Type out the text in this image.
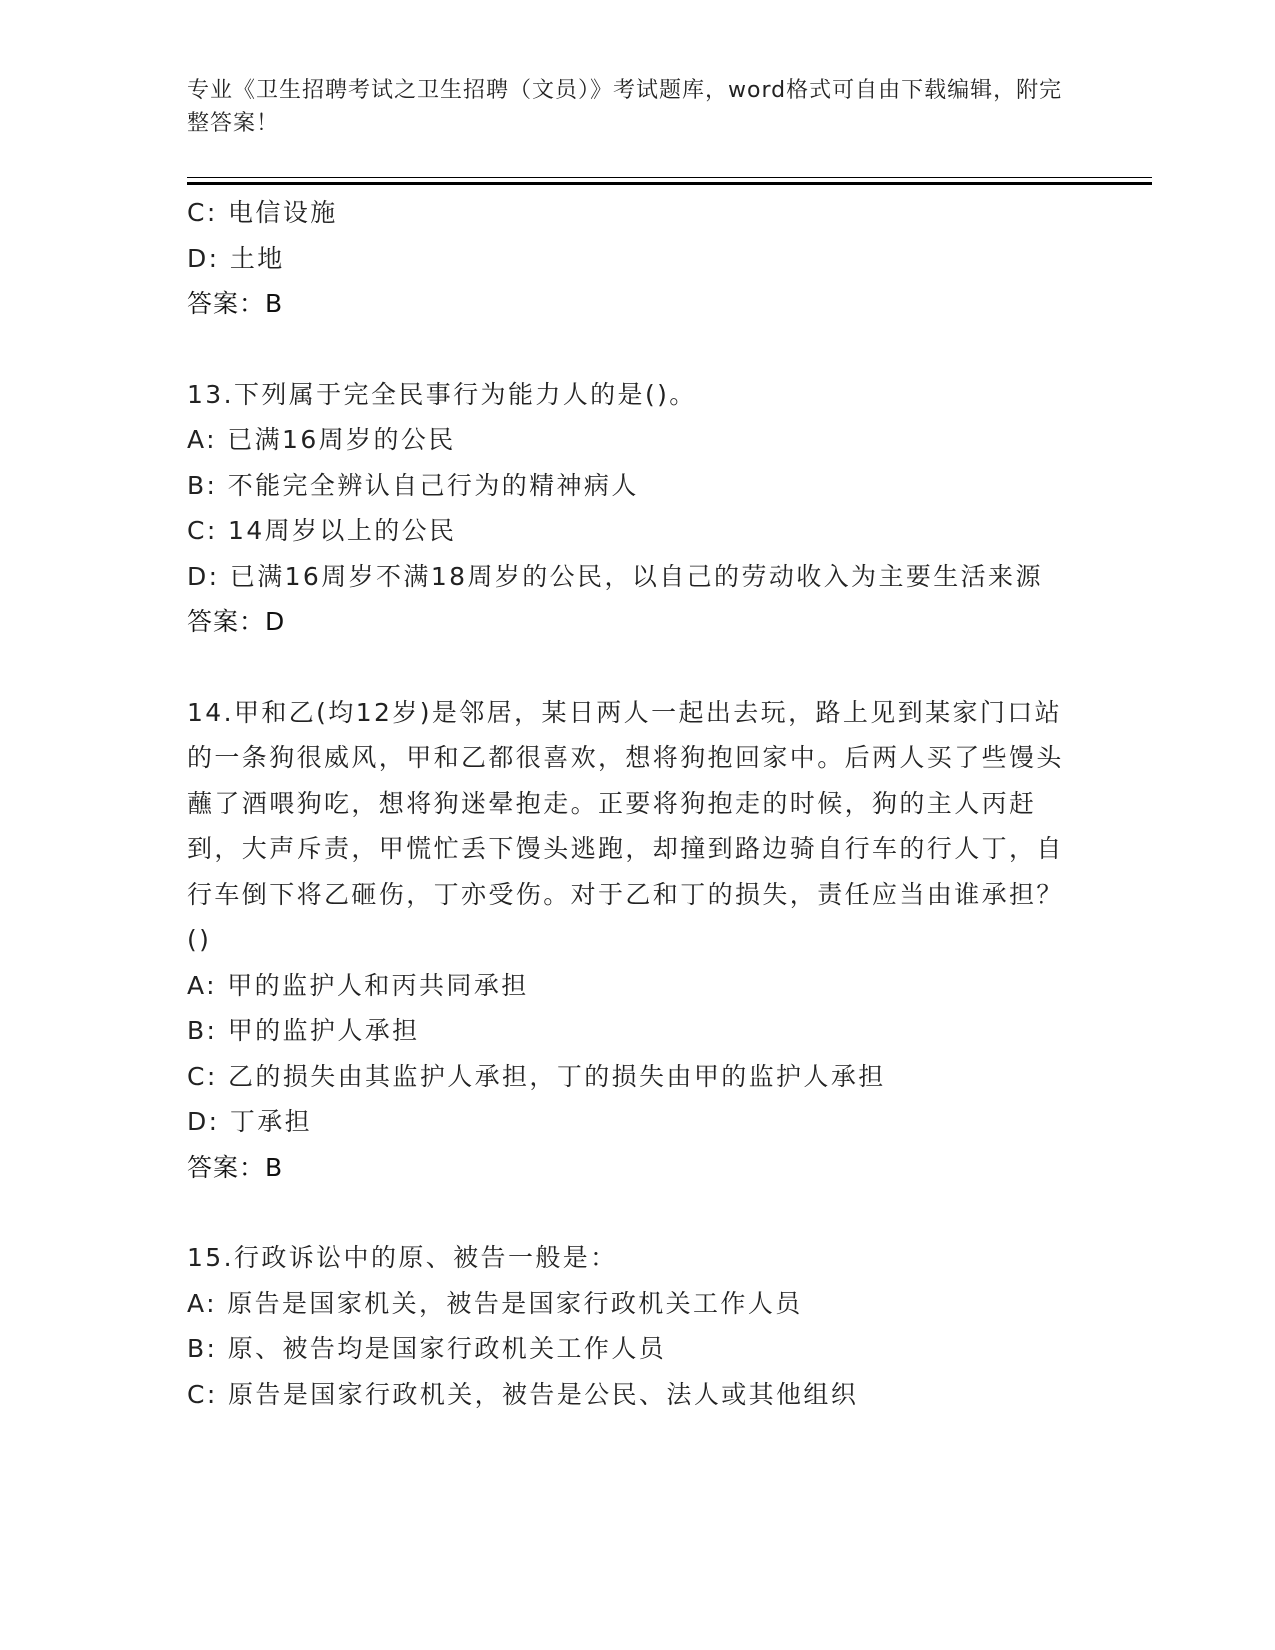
专业《卫生招聘考试之卫生招聘（文员）》考试题库，word格式可自由下载编辑，附完整答案！

C: 电信设施

D: 土地

答案：B

13.下列属于完全民事行为能力人的是()。

A: 已满16周岁的公民

B: 不能完全辨认自己行为的精神病人

C: 14周岁以上的公民

D: 已满16周岁不满18周岁的公民，以自己的劳动收入为主要生活来源

答案：D

14.甲和乙(均12岁)是邻居，某日两人一起出去玩，路上见到某家门口站的一条狗很威风，甲和乙都很喜欢，想将狗抱回家中。后两人买了些馒头蘸了酒喂狗吃，想将狗迷晕抱走。正要将狗抱走的时候，狗的主人丙赶到，大声斥责，甲慌忙丢下馒头逃跑，却撞到路边骑自行车的行人丁，自行车倒下将乙砸伤，丁亦受伤。对于乙和丁的损失，责任应当由谁承担？()

A: 甲的监护人和丙共同承担

B: 甲的监护人承担

C: 乙的损失由其监护人承担，丁的损失由甲的监护人承担

D: 丁承担

答案：B

15.行政诉讼中的原、被告一般是：

A: 原告是国家机关，被告是国家行政机关工作人员

B: 原、被告均是国家行政机关工作人员

C: 原告是国家行政机关，被告是公民、法人或其他组织
